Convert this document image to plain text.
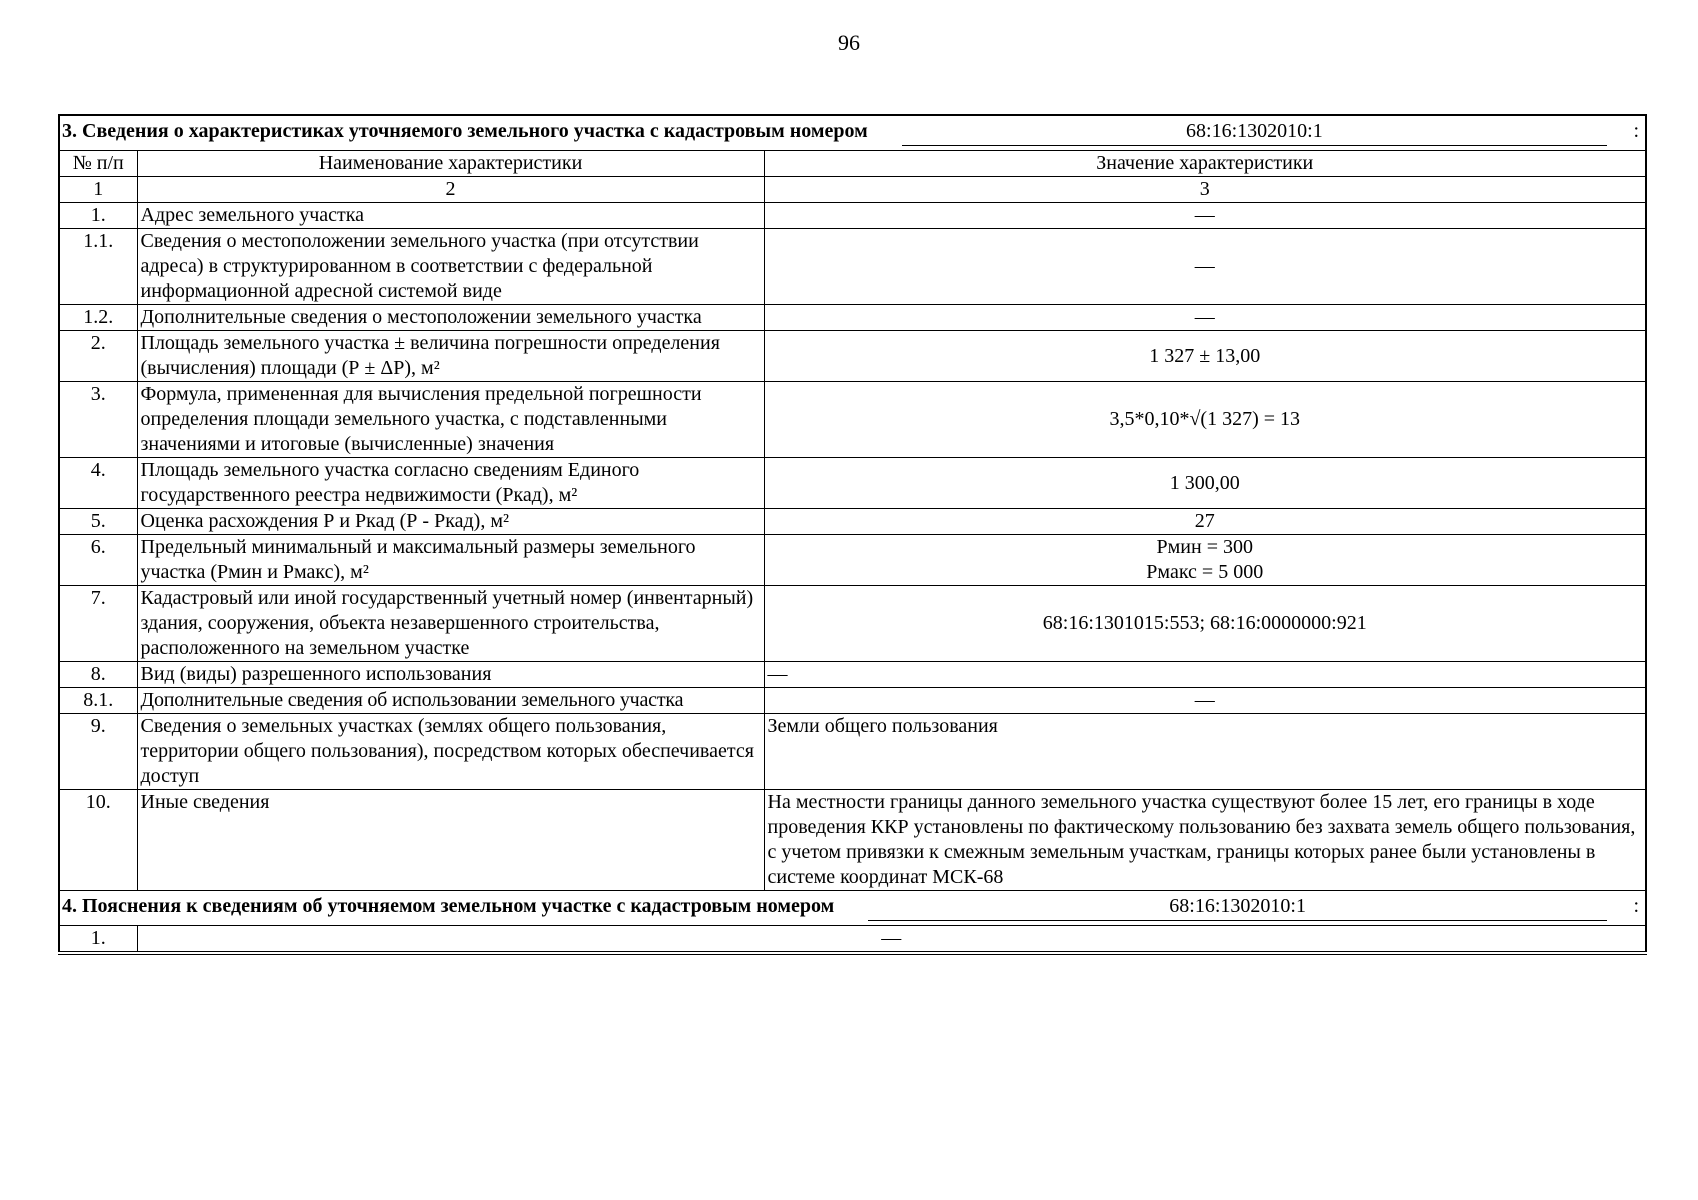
96
3. Сведения о характеристиках уточняемого земельного участка с кадастровым номером 68:16:1302010:1 :		

№ п/п	Наименование характеристики	Значение характеристики
1	2	3
1.	Адрес земельного участка	—
1.1.	Сведения о местоположении земельного участка (при отсутствии адреса) в структурированном в соответствии с федеральной информационной адресной системой виде	—
1.2.	Дополнительные сведения о местоположении земельного участка	—
2.	Площадь земельного участка ± величина погрешности определения (вычисления) площади (Р ± ΔР), м²	1 327 ± 13,00
3.	Формула, примененная для вычисления предельной погрешности определения площади земельного участка, с подставленными значениями и итоговые (вычисленные) значения	3,5*0,10*√(1 327) = 13
4.	Площадь земельного участка согласно сведениям Единого государственного реестра недвижимости (Ркад), м²	1 300,00
5.	Оценка расхождения Р и Ркад (Р - Ркад), м²	27
6.	Предельный минимальный и максимальный размеры земельного участка (Рмин и Рмакс), м²	Рмин = 300
Рмакс = 5 000

7.	Кадастровый или иной государственный учетный номер (инвентарный) здания, сооружения, объекта незавершенного строительства, расположенного на земельном участке	68:16:1301015:553; 68:16:0000000:921
8.	Вид (виды) разрешенного использования	—
8.1.	Дополнительные сведения об использовании земельного участка	—
9.	Сведения о земельных участках (землях общего пользования, территории общего пользования), посредством которых обеспечивается доступ	Земли общего пользования
10.	Иные сведения	На местности границы данного земельного участка существуют более 15 лет, его границы в ходе проведения ККР установлены по фактическому пользованию без захвата земель общего пользования, с учетом привязки к смежным земельным участкам, границы которых ранее были установлены в системе координат МСК-68

4. Пояснения к сведениям об уточняемом земельном участке с кадастровым номером 68:16:1302010:1 :		

1.	—	
